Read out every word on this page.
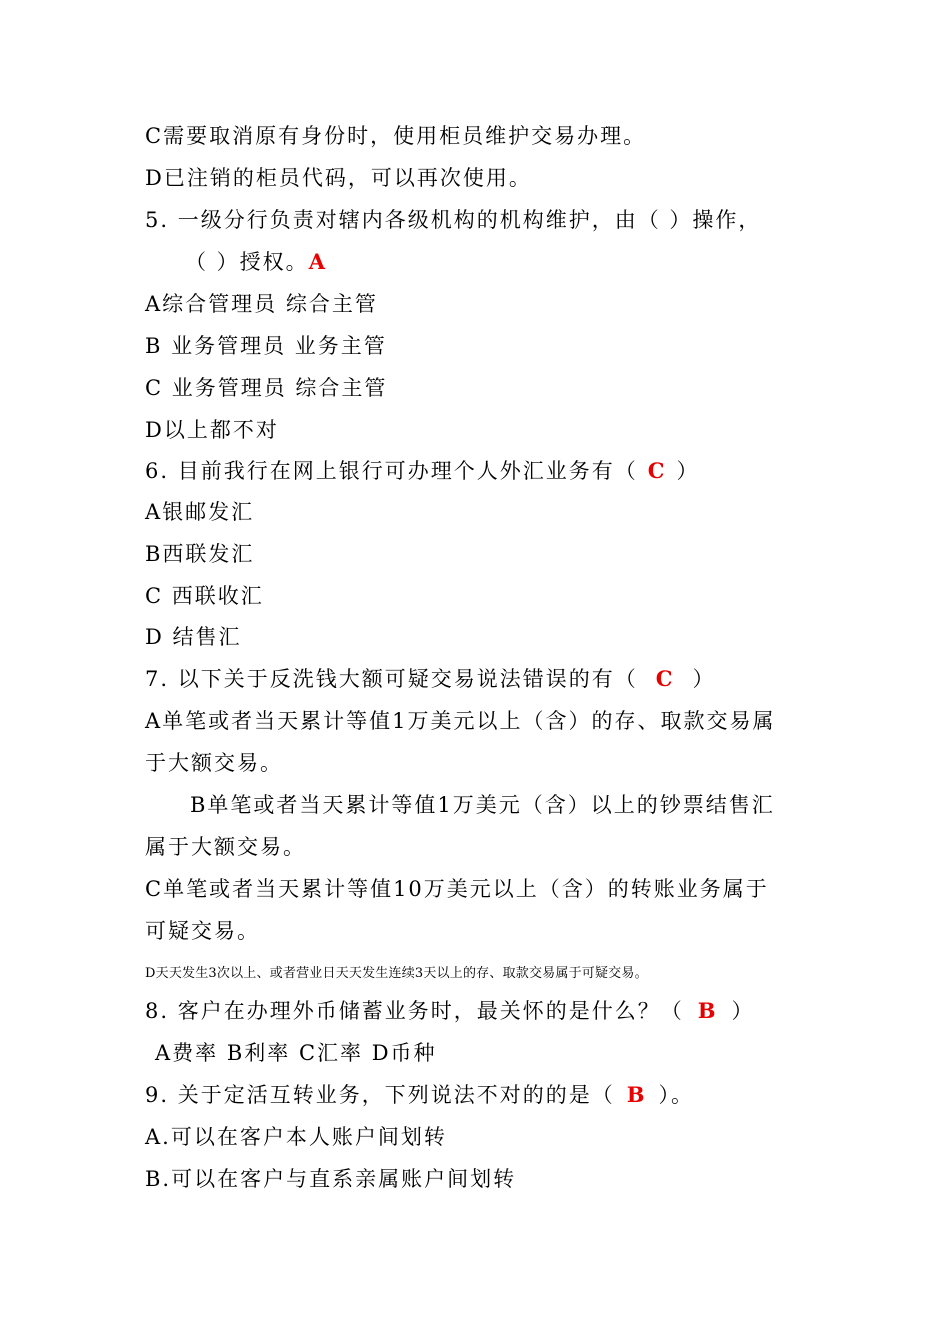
C需要取消原有身份时，使用柜员维护交易办理。
D已注销的柜员代码，可以再次使用。
5. 一级分行负责对辖内各级机构的机构维护，由（ ）操作，
（ ）授权。A
A综合管理员 综合主管
B 业务管理员 业务主管
C 业务管理员 综合主管
D以上都不对
6. 目前我行在网上银行可办理个人外汇业务有（ C ）
A银邮发汇
B西联发汇
C 西联收汇
D 结售汇
7. 以下关于反洗钱大额可疑交易说法错误的有（ C ）
A单笔或者当天累计等值1万美元以上（含）的存、取款交易属
于大额交易。
B单笔或者当天累计等值1万美元（含）以上的钞票结售汇
属于大额交易。
C单笔或者当天累计等值10万美元以上（含）的转账业务属于
可疑交易。
D天天发生3次以上、或者营业日天天发生连续3天以上的存、取款交易属于可疑交易。
8. 客户在办理外币储蓄业务时，最关怀的是什么？（ B ）
A费率 B利率 C汇率 D币种
9. 关于定活互转业务，下列说法不对的的是（ B ）。
A.可以在客户本人账户间划转
B.可以在客户与直系亲属账户间划转
